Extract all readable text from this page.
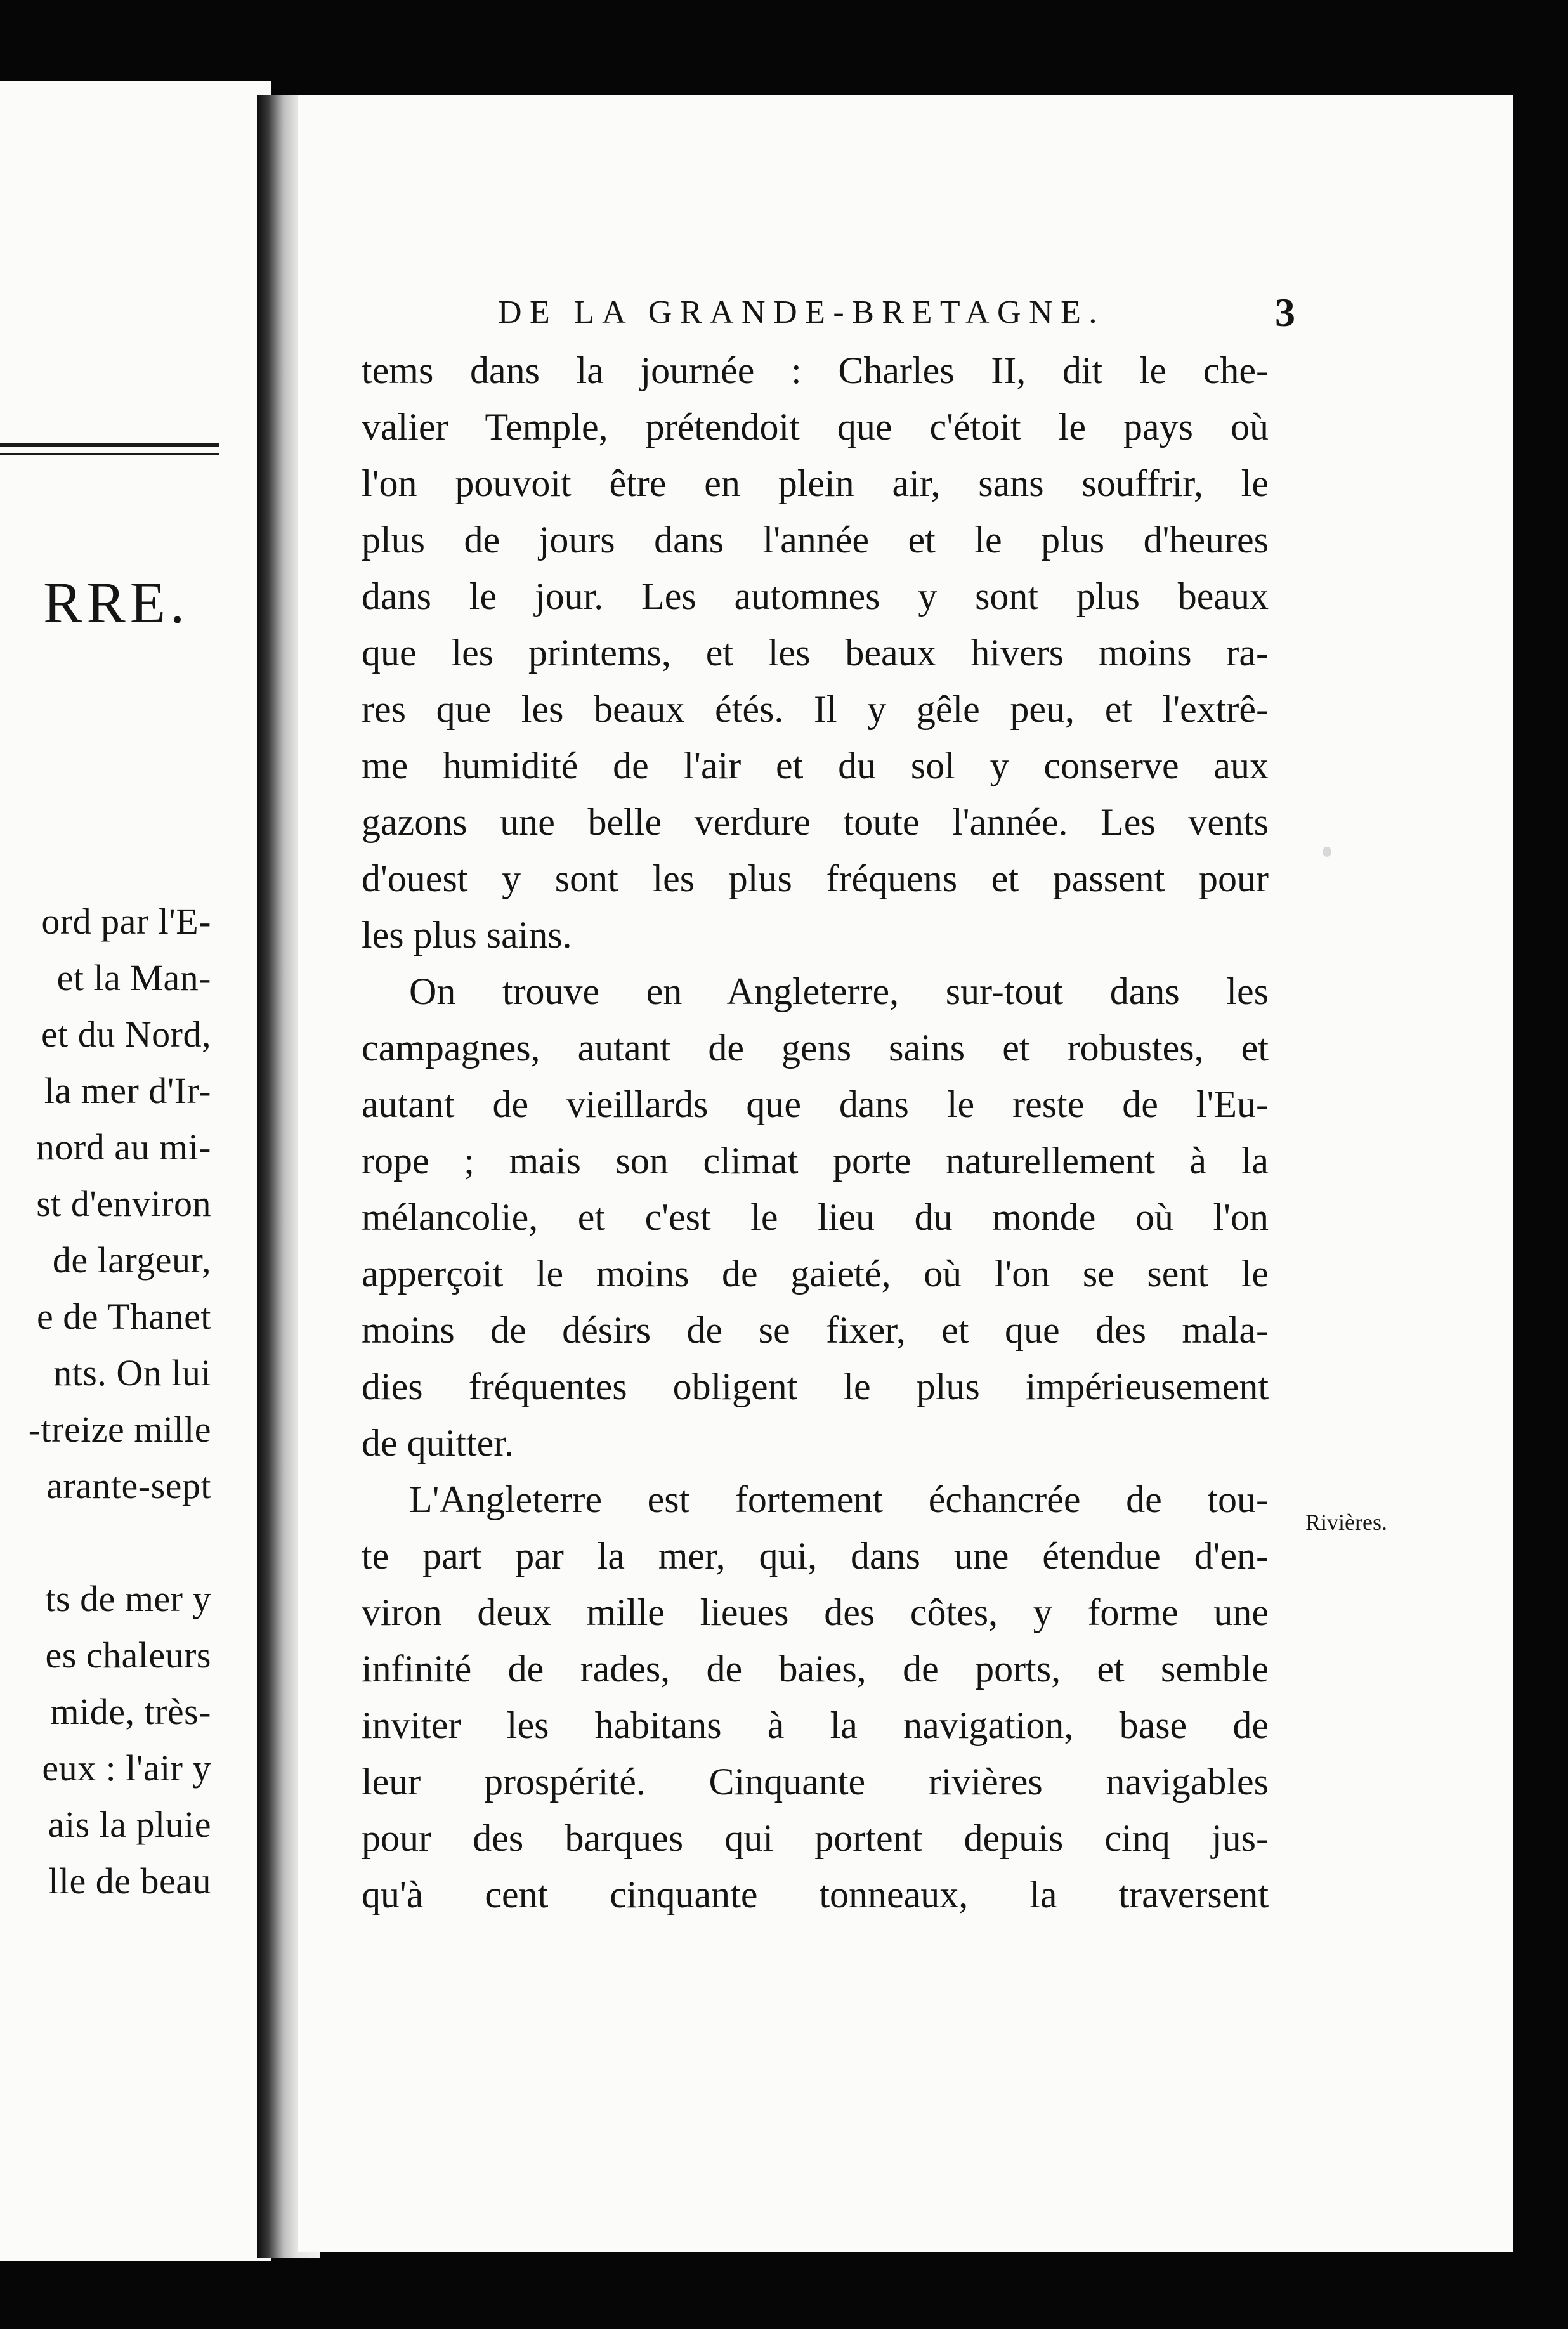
RRE.
ord par l'E-
et la Man-
et du Nord,
la mer d'Ir-
nord au mi-
st d'environ
de largeur,
e de Thanet
nts. On lui
-treize mille
arante-sept
ts de mer y
es chaleurs
mide, très-
eux : l'air y
ais la pluie
lle de beau
DE LA GRANDE-BRETAGNE.	3
tems dans la journée : Charles II, dit le che-
valier Temple, prétendoit que c'étoit le pays où
l'on pouvoit être en plein air, sans souffrir, le
plus de jours dans l'année et le plus d'heures
dans le jour. Les automnes y sont plus beaux
que les printems, et les beaux hivers moins ra-
res que les beaux étés. Il y gêle peu, et l'extrê-
me humidité de l'air et du sol y conserve aux
gazons une belle verdure toute l'année. Les vents
d'ouest y sont les plus fréquens et passent pour
les plus sains.
On trouve en Angleterre, sur-tout dans les
campagnes, autant de gens sains et robustes, et
autant de vieillards que dans le reste de l'Eu-
rope ; mais son climat porte naturellement à la
mélancolie, et c'est le lieu du monde où l'on
apperçoit le moins de gaieté, où l'on se sent le
moins de désirs de se fixer, et que des mala-
dies fréquentes obligent le plus impérieusement
de quitter.
L'Angleterre est fortement échancrée de tou-
te part par la mer, qui, dans une étendue d'en-
viron deux mille lieues des côtes, y forme une
infinité de rades, de baies, de ports, et semble
inviter les habitans à la navigation, base de
leur prospérité. Cinquante rivières navigables
pour des barques qui portent depuis cinq jus-
qu'à cent cinquante tonneaux, la traversent
Rivières.
